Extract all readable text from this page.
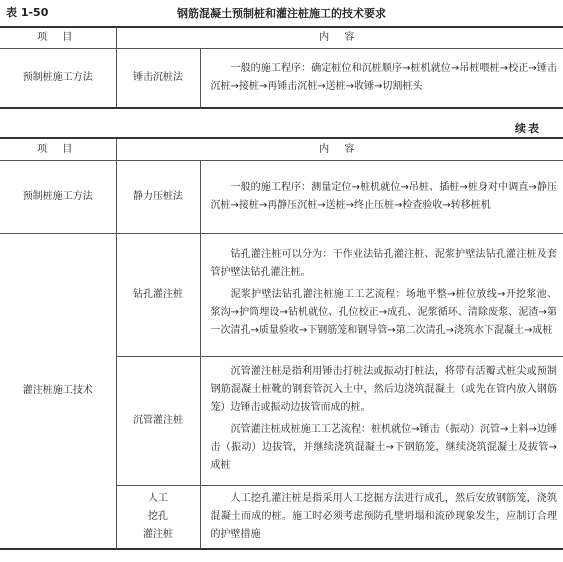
表 1-50	钢筋混凝土预制桩和灌注桩施工的技术要求
项 目	内 容	
预制桩施工方法	锤击沉桩法	一般的施工程序：确定桩位和沉桩顺序→桩机就位→吊桩喂桩→校正→锤击沉桩→接桩→再锤击沉桩→送桩→收锤→切割桩头
续表
项 目	内 容	
预制桩施工方法	静力压桩法	一般的施工程序：测量定位→桩机就位→吊桩、插桩→桩身对中调直→静压沉桩→接桩→再静压沉桩→送桩→终止压桩→检查验收→转移桩机
灌注桩施工技术	钻孔灌注桩	钻孔灌注桩可以分为：干作业法钻孔灌注桩、泥浆护壁法钻孔灌注桩及套管护壁法钻孔灌注桩。

泥浆护壁法钻孔灌注桩施工工艺流程：场地平整→桩位放线→开挖浆池、浆沟→护筒埋设→钻机就位、孔位校正→成孔、泥浆循环、清除废浆、泥渣→第一次清孔→质量验收→下钢筋笼和钢导管→第二次清孔→浇筑水下混凝土→成桩

	沉管灌注桩	沉管灌注桩是指利用锤击打桩法或振动打桩法，将带有活瓣式桩尖或预制钢筋混凝土桩靴的钢套管沉入土中，然后边浇筑混凝土（或先在管内放入钢筋笼）边锤击或振动边拔管而成的桩。

沉管灌注桩成桩施工工艺流程：桩机就位→锤击（振动）沉管→上料→边锤击（振动）边拔管，并继续浇筑混凝土→下钢筋笼，继续浇筑混凝土及拔管→成桩

	人工
挖孔
灌注桩	人工挖孔灌注桩是指采用人工挖掘方法进行成孔，然后安放钢筋笼，浇筑混凝土而成的桩。施工时必须考虑预防孔壁坍塌和流砂现象发生，应制订合理的护壁措施
